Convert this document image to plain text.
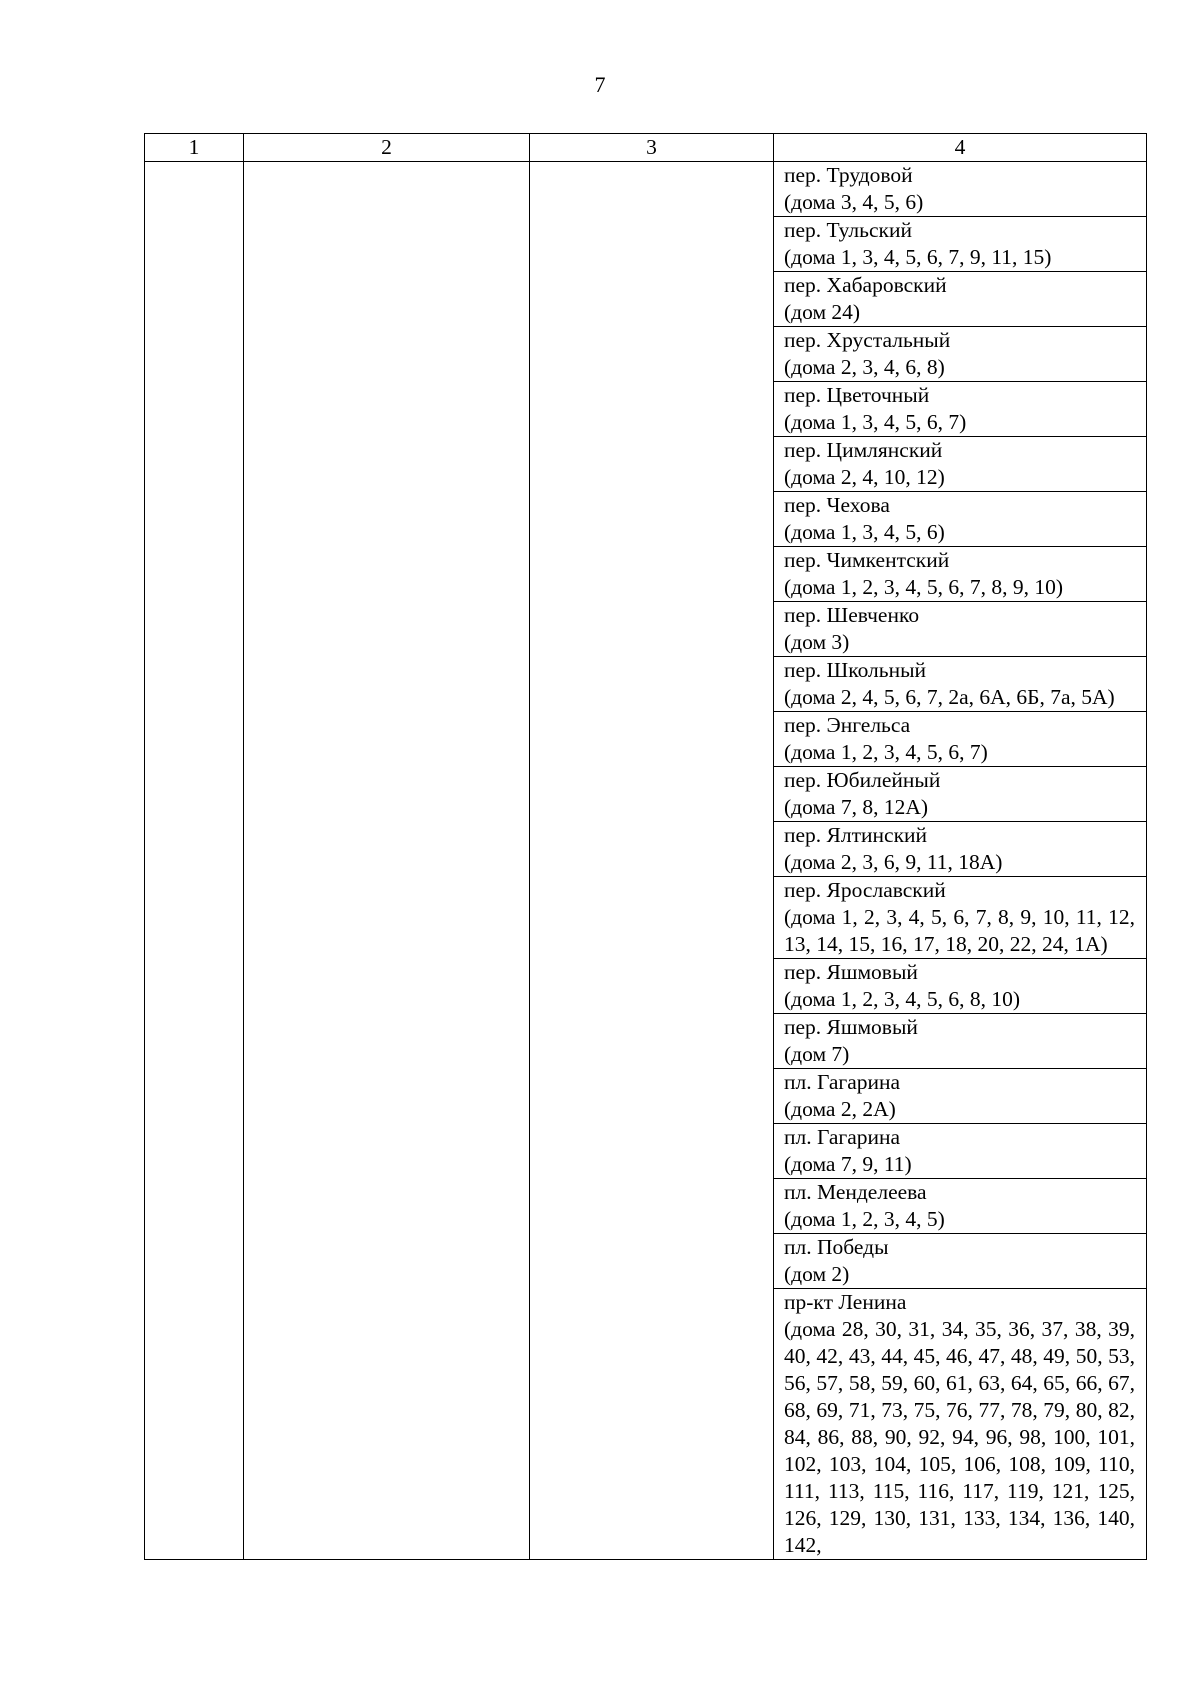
7
1	2	3	4

			пер. Трудовой
(дома 3, 4, 5, 6)

			пер. Тульский
(дома 1, 3, 4, 5, 6, 7, 9, 11, 15)

			пер. Хабаровский
(дом 24)

			пер. Хрустальный
(дома 2, 3, 4, 6, 8)

			пер. Цветочный
(дома 1, 3, 4, 5, 6, 7)

			пер. Цимлянский
(дома 2, 4, 10, 12)

			пер. Чехова
(дома 1, 3, 4, 5, 6)

			пер. Чимкентский
(дома 1, 2, 3, 4, 5, 6, 7, 8, 9, 10)

			пер. Шевченко
(дом 3)

			пер. Школьный
(дома 2, 4, 5, 6, 7, 2а, 6А, 6Б, 7а, 5А)

			пер. Энгельса
(дома 1, 2, 3, 4, 5, 6, 7)

			пер. Юбилейный
(дома 7, 8, 12А)

			пер. Ялтинский
(дома 2, 3, 6, 9, 11, 18А)

			пер. Ярославский
(дома 1, 2, 3, 4, 5, 6, 7, 8, 9, 10, 11, 12, 13, 14, 15, 16, 17, 18, 20, 22, 24, 1А)

			пер. Яшмовый
(дома 1, 2, 3, 4, 5, 6, 8, 10)

			пер. Яшмовый
(дом 7)

			пл. Гагарина
(дома 2, 2А)

			пл. Гагарина
(дома 7, 9, 11)

			пл. Менделеева
(дома 1, 2, 3, 4, 5)

			пл. Победы
(дом 2)

			пр-кт Ленина
(дома 28, 30, 31, 34, 35, 36, 37, 38, 39, 40, 42, 43, 44, 45, 46, 47, 48, 49, 50, 53, 56, 57, 58, 59, 60, 61, 63, 64, 65, 66, 67, 68, 69, 71, 73, 75, 76, 77, 78, 79, 80, 82, 84, 86, 88, 90, 92, 94, 96, 98, 100, 101, 102, 103, 104, 105, 106, 108, 109, 110, 111, 113, 115, 116, 117, 119, 121, 125, 126, 129, 130, 131, 133, 134, 136, 140, 142,
